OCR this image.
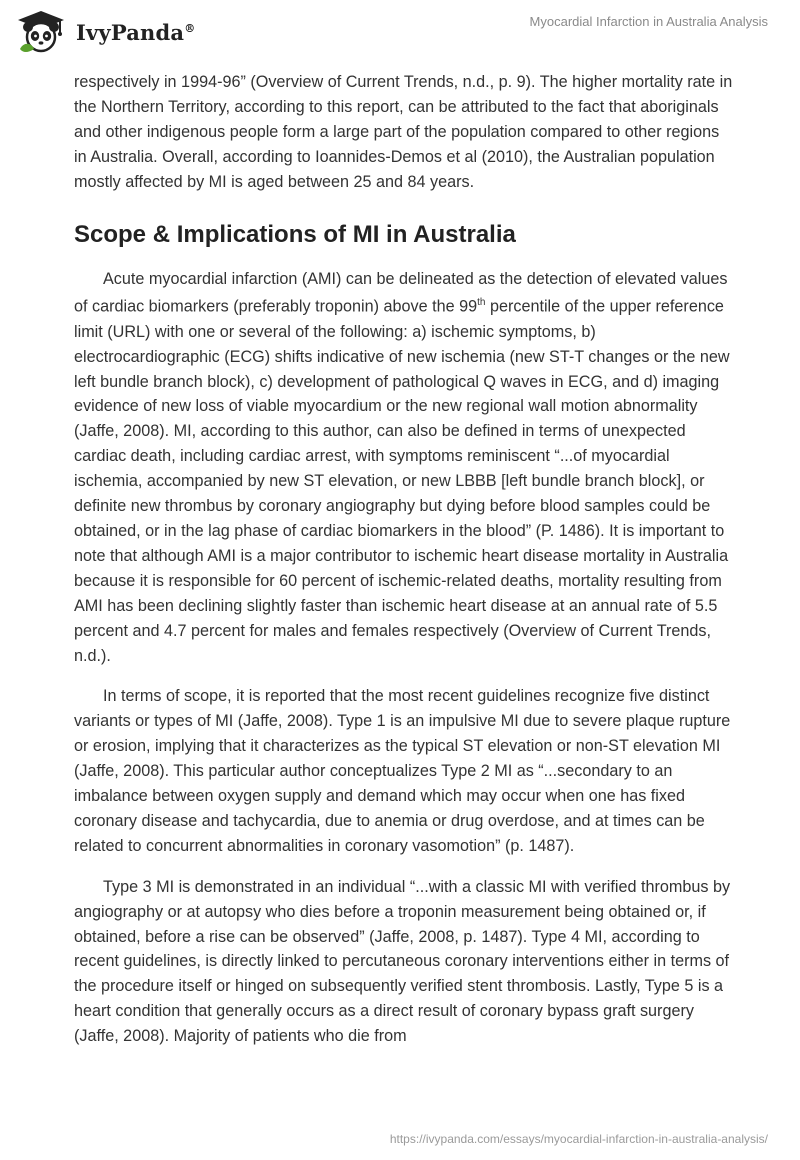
IvyPanda®	Myocardial Infarction in Australia Analysis

respectively in 1994-96” (Overview of Current Trends, n.d., p. 9). The higher mortality rate in the Northern Territory, according to this report, can be attributed to the fact that aboriginals and other indigenous people form a large part of the population compared to other regions in Australia. Overall, according to Ioannides-Demos et al (2010), the Australian population mostly affected by MI is aged between 25 and 84 years.

Scope & Implications of MI in Australia

Acute myocardial infarction (AMI) can be delineated as the detection of elevated values of cardiac biomarkers (preferably troponin) above the 99th percentile of the upper reference limit (URL) with one or several of the following: a) ischemic symptoms, b) electrocardiographic (ECG) shifts indicative of new ischemia (new ST-T changes or the new left bundle branch block), c) development of pathological Q waves in ECG, and d) imaging evidence of new loss of viable myocardium or the new regional wall motion abnormality (Jaffe, 2008). MI, according to this author, can also be defined in terms of unexpected cardiac death, including cardiac arrest, with symptoms reminiscent “...of myocardial ischemia, accompanied by new ST elevation, or new LBBB [left bundle branch block], or definite new thrombus by coronary angiography but dying before blood samples could be obtained, or in the lag phase of cardiac biomarkers in the blood” (P. 1486). It is important to note that although AMI is a major contributor to ischemic heart disease mortality in Australia because it is responsible for 60 percent of ischemic-related deaths, mortality resulting from AMI has been declining slightly faster than ischemic heart disease at an annual rate of 5.5 percent and 4.7 percent for males and females respectively (Overview of Current Trends, n.d.).

In terms of scope, it is reported that the most recent guidelines recognize five distinct variants or types of MI (Jaffe, 2008). Type 1 is an impulsive MI due to severe plaque rupture or erosion, implying that it characterizes as the typical ST elevation or non-ST elevation MI (Jaffe, 2008). This particular author conceptualizes Type 2 MI as “...secondary to an imbalance between oxygen supply and demand which may occur when one has fixed coronary disease and tachycardia, due to anemia or drug overdose, and at times can be related to concurrent abnormalities in coronary vasomotion” (p. 1487).

Type 3 MI is demonstrated in an individual “...with a classic MI with verified thrombus by angiography or at autopsy who dies before a troponin measurement being obtained or, if obtained, before a rise can be observed” (Jaffe, 2008, p. 1487). Type 4 MI, according to recent guidelines, is directly linked to percutaneous coronary interventions either in terms of the procedure itself or hinged on subsequently verified stent thrombosis. Lastly, Type 5 is a heart condition that generally occurs as a direct result of coronary bypass graft surgery (Jaffe, 2008). Majority of patients who die from

https://ivypanda.com/essays/myocardial-infarction-in-australia-analysis/
